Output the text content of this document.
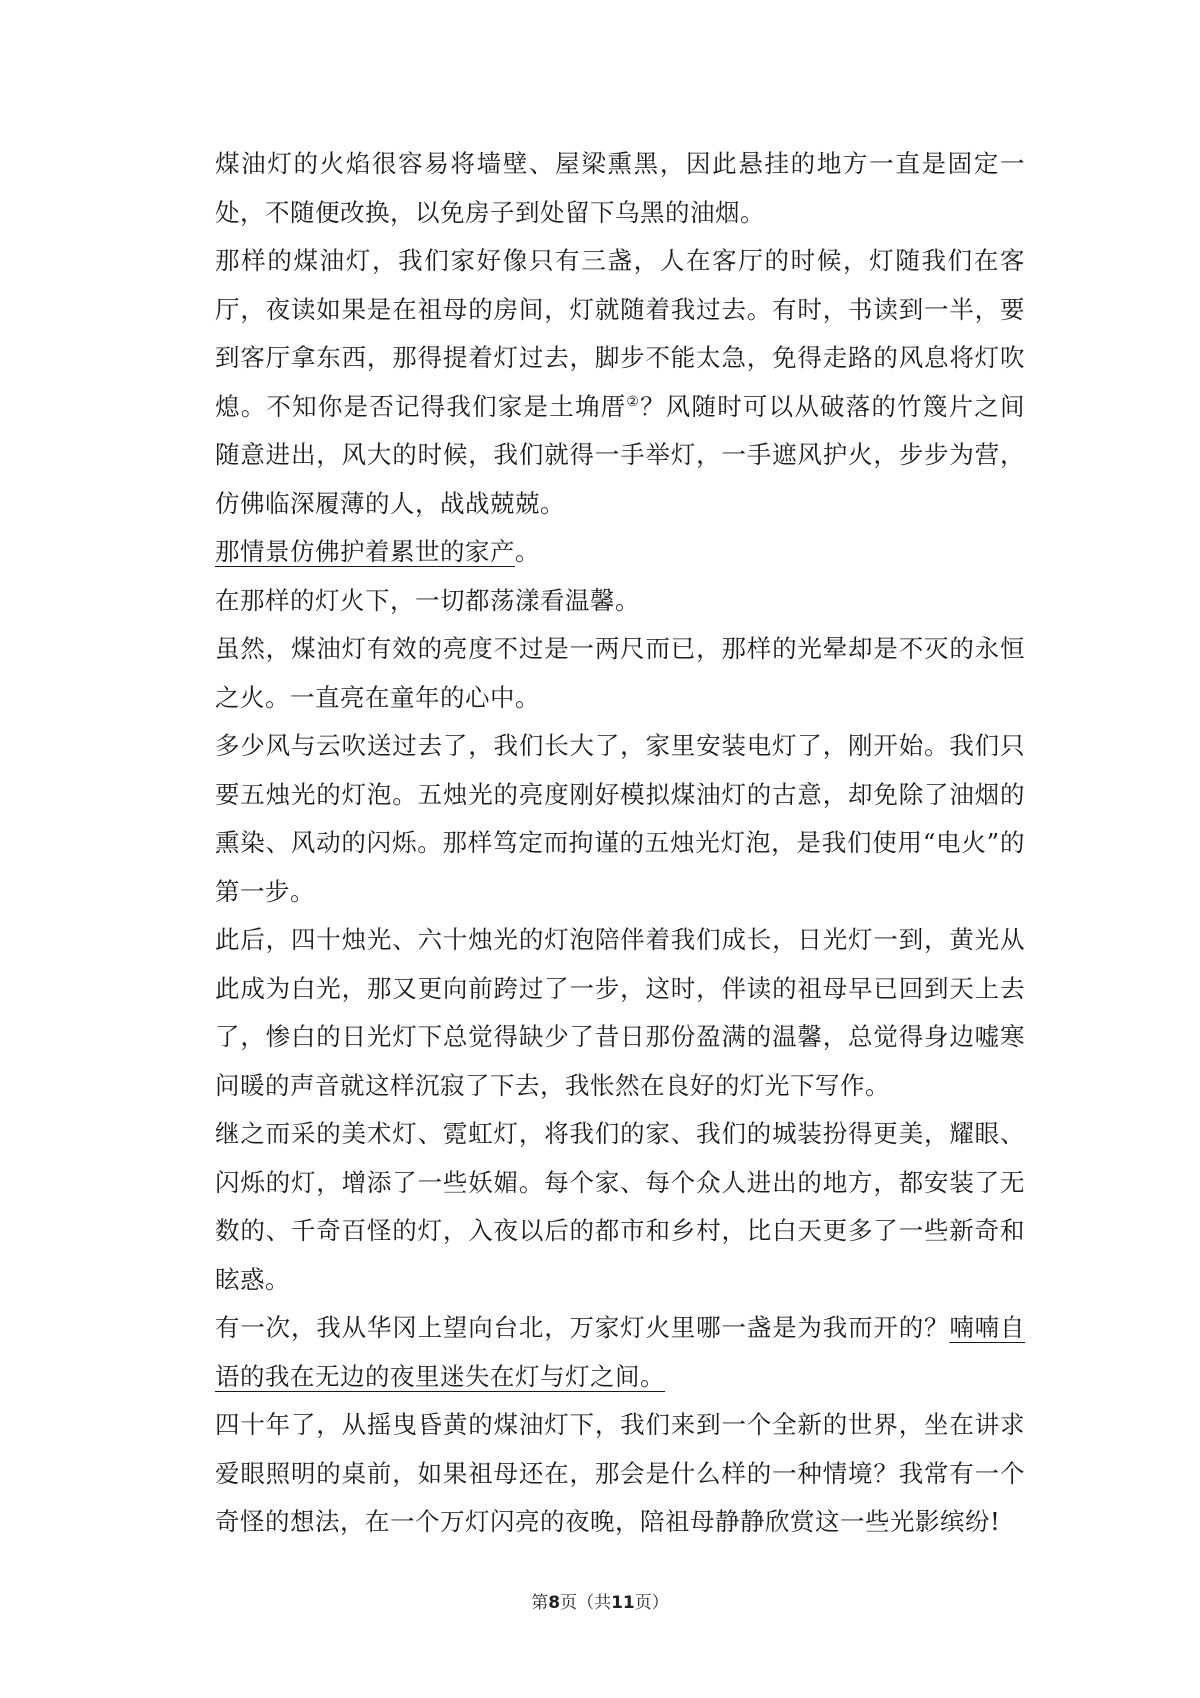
煤油灯的火焰很容易将墙壁、屋梁熏黑，因此悬挂的地方一直是固定一处，不随便改换，以免房子到处留下乌黑的油烟。

那样的煤油灯，我们家好像只有三盏，人在客厅的时候，灯随我们在客厅，夜读如果是在祖母的房间，灯就随着我过去。有时，书读到一半，要到客厅拿东西，那得提着灯过去，脚步不能太急，免得走路的风息将灯吹熄。不知你是否记得我们家是土埆厝②？风随时可以从破落的竹篾片之间随意进出，风大的时候，我们就得一手举灯，一手遮风护火，步步为营，仿佛临深履薄的人，战战兢兢。

那情景仿佛护着累世的家产。

在那样的灯火下，一切都荡漾看温馨。

虽然，煤油灯有效的亮度不过是一两尺而已，那样的光晕却是不灭的永恒之火。一直亮在童年的心中。

多少风与云吹送过去了，我们长大了，家里安装电灯了，刚开始。我们只要五烛光的灯泡。五烛光的亮度刚好模拟煤油灯的古意，却免除了油烟的熏染、风动的闪烁。那样笃定而拘谨的五烛光灯泡，是我们使用“电火”的第一步。

此后，四十烛光、六十烛光的灯泡陪伴着我们成长，日光灯一到，黄光从此成为白光，那又更向前跨过了一步，这时，伴读的祖母早已回到天上去了，惨白的日光灯下总觉得缺少了昔日那份盈满的温馨，总觉得身边嘘寒问暖的声音就这样沉寂了下去，我怅然在良好的灯光下写作。

继之而采的美术灯、霓虹灯，将我们的家、我们的城装扮得更美，耀眼、闪烁的灯，增添了一些妖媚。每个家、每个众人进出的地方，都安装了无数的、千奇百怪的灯，入夜以后的都市和乡村，比白天更多了一些新奇和眩惑。

有一次，我从华冈上望向台北，万家灯火里哪一盏是为我而开的？喃喃自语的我在无边的夜里迷失在灯与灯之间。

四十年了，从摇曳昏黄的煤油灯下，我们来到一个全新的世界，坐在讲求爱眼照明的桌前，如果祖母还在，那会是什么样的一种情境？我常有一个奇怪的想法，在一个万灯闪亮的夜晚，陪祖母静静欣赏这一些光影缤纷!

第8页（共11页）
